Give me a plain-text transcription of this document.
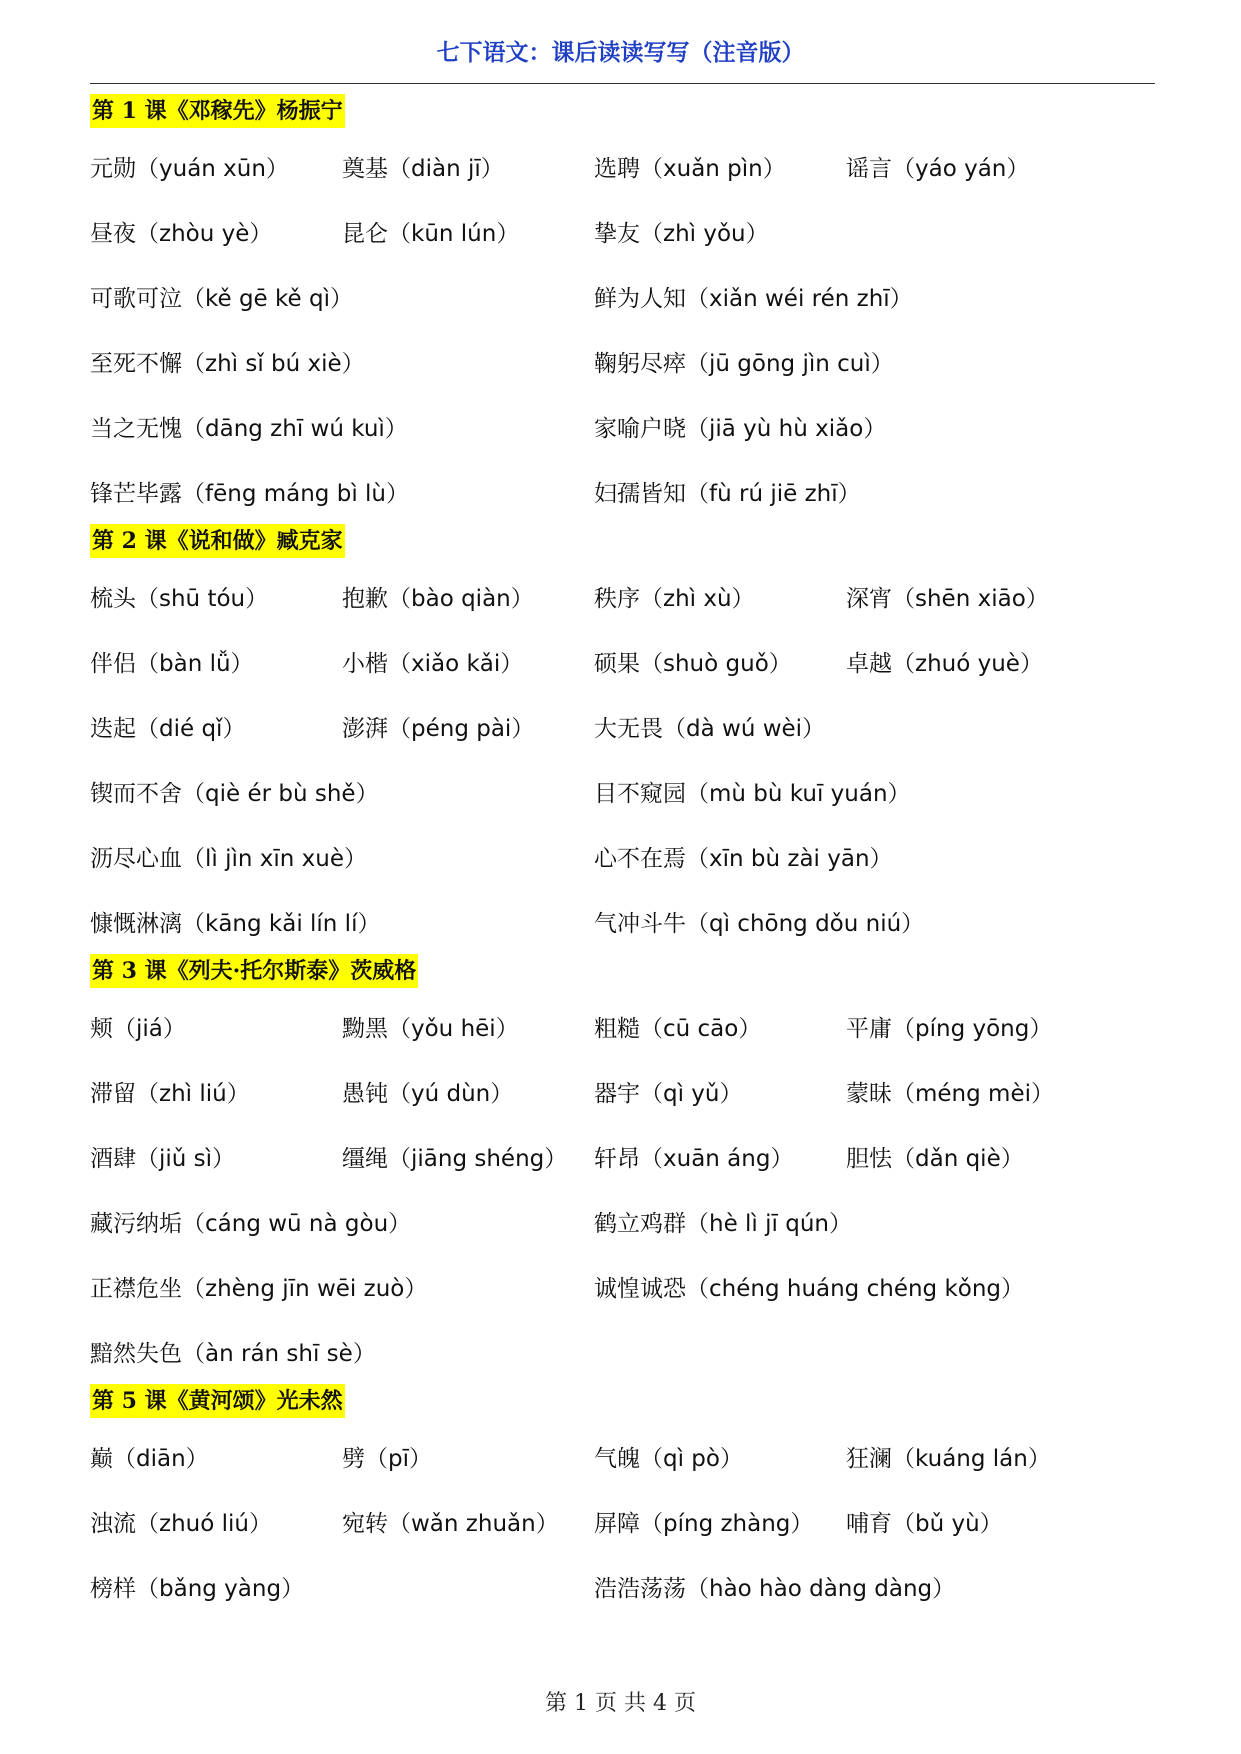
七下语文：课后读读写写（注音版）
第 1 课《邓稼先》杨振宁
元勋（yuán xūn）	奠基（diàn jī）	选聘（xuǎn pìn）	谣言（yáo yán）
昼夜（zhòu yè）	昆仑（kūn lún）	挚友（zhì yǒu）
可歌可泣（kě gē kě qì）	鲜为人知（xiǎn wéi rén zhī）
至死不懈（zhì sǐ bú xiè）	鞠躬尽瘁（jū gōng jìn cuì）
当之无愧（dāng zhī wú kuì）	家喻户晓（jiā yù hù xiǎo）
锋芒毕露（fēng máng bì lù）	妇孺皆知（fù rú jiē zhī）
第 2 课《说和做》臧克家
梳头（shū tóu）	抱歉（bào qiàn）	秩序（zhì xù）	深宵（shēn xiāo）
伴侣（bàn lǚ）	小楷（xiǎo kǎi）	硕果（shuò guǒ）	卓越（zhuó yuè）
迭起（dié qǐ）	澎湃（péng pài）	大无畏（dà wú wèi）
锲而不舍（qiè ér bù shě）	目不窥园（mù bù kuī yuán）
沥尽心血（lì jìn xīn xuè）	心不在焉（xīn bù zài yān）
慷慨淋漓（kāng kǎi lín lí）	气冲斗牛（qì chōng dǒu niú）
第 3 课《列夫·托尔斯泰》茨威格
颊（jiá）	黝黑（yǒu hēi）	粗糙（cū cāo）	平庸（píng yōng）
滞留（zhì liú）	愚钝（yú dùn）	器宇（qì yǔ）	蒙昧（méng mèi）
酒肆（jiǔ sì）	缰绳（jiāng shéng）	轩昂（xuān áng）	胆怯（dǎn qiè）
藏污纳垢（cáng wū nà gòu）	鹤立鸡群（hè lì jī qún）
正襟危坐（zhèng jīn wēi zuò）	诚惶诚恐（chéng huáng chéng kǒng）
黯然失色（àn rán shī sè）
第 5 课《黄河颂》光未然
巅（diān）	劈（pī）	气魄（qì pò）	狂澜（kuáng lán）
浊流（zhuó liú）	宛转（wǎn zhuǎn）	屏障（píng zhàng）	哺育（bǔ yù）
榜样（bǎng yàng）	浩浩荡荡（hào hào dàng dàng）
第 1 页 共 4 页
